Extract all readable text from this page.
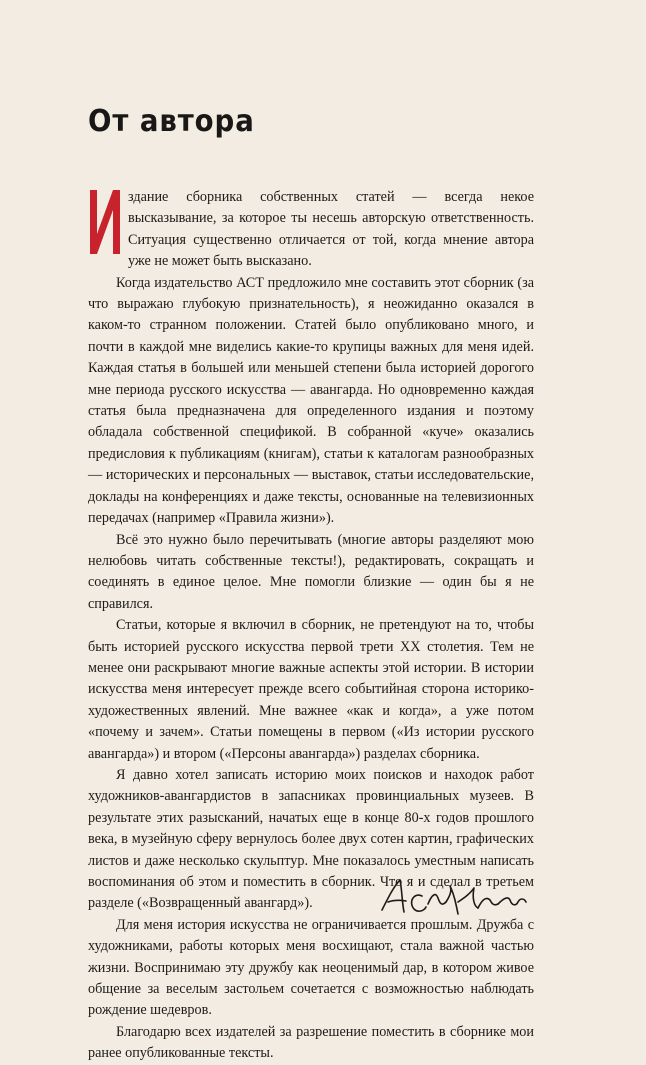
От автора

здание сборника собственных статей — всегда некое высказывание, за которое ты несешь авторскую ответственность. Ситуация существенно отличается от той, когда мнение автора уже не может быть высказано.

Когда издательство АСТ предложило мне составить этот сборник (за что выражаю глубокую признательность), я неожиданно оказался в каком-то странном положении. Статей было опубликовано много, и почти в каждой мне виделись какие-то крупицы важных для меня идей. Каждая статья в большей или меньшей степени была историей дорогого мне периода русского искусства — авангарда. Но одновременно каждая статья была предназначена для определенного издания и поэтому обладала собственной спецификой. В собранной «куче» оказались предисловия к публикациям (книгам), статьи к каталогам разнообразных — исторических и персональных — выставок, статьи исследовательские, доклады на конференциях и даже тексты, основанные на телевизионных передачах (например «Правила жизни»).

Всё это нужно было перечитывать (многие авторы разделяют мою нелюбовь читать собственные тексты!), редактировать, сокращать и соединять в единое целое. Мне помогли близкие — один бы я не справился.

Статьи, которые я включил в сборник, не претендуют на то, чтобы быть историей русского искусства первой трети XX столетия. Тем не менее они раскрывают многие важные аспекты этой истории. В истории искусства меня интересует прежде всего событийная сторона историко-художественных явлений. Мне важнее «как и когда», а уже потом «почему и зачем». Статьи помещены в первом («Из истории русского авангарда») и втором («Персоны авангарда») разделах сборника.

Я давно хотел записать историю моих поисков и находок работ художников-авангардистов в запасниках провинциальных музеев. В результате этих разысканий, начатых еще в конце 80-х годов прошлого века, в музейную сферу вернулось более двух сотен картин, графических листов и даже несколько скульптур. Мне показалось уместным написать воспоминания об этом и поместить в сборник. Что я и сделал в третьем разделе («Возвращенный авангард»).

Для меня история искусства не ограничивается прошлым. Дружба с художниками, работы которых меня восхищают, стала важной частью жизни. Воспринимаю эту дружбу как неоценимый дар, в котором живое общение за веселым застольем сочетается с возможностью наблюдать рождение шедевров.

Благодарю всех издателей за разрешение поместить в сборнике мои ранее опубликованные тексты.
